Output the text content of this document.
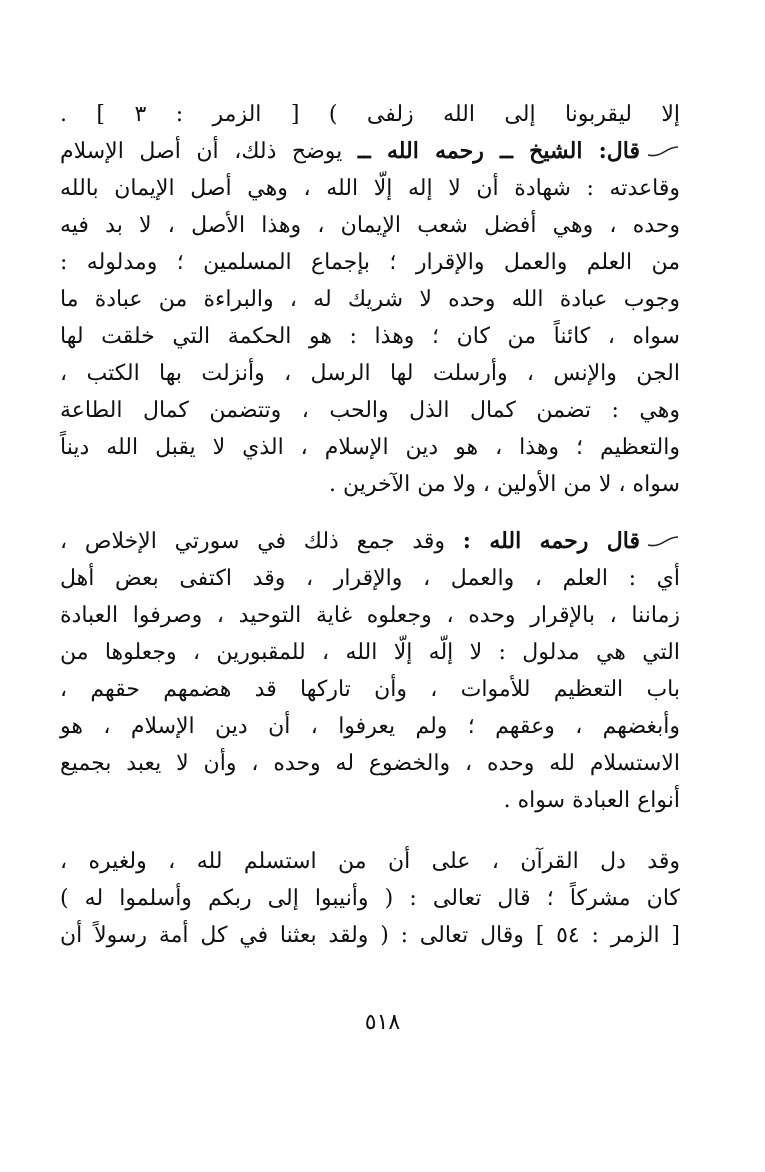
إلا ليقربونا إلى الله زلفى ) [ الزمر : ٣ ] .
قال: الشيخ ــ رحمه الله ــ يوضح ذلك، أن أصل الإسلام
وقاعدته : شهادة أن لا إله إلّا الله ، وهي أصل الإيمان بالله
وحده ، وهي أفضل شعب الإيمان ، وهذا الأصل ، لا بد فيه
من العلم والعمل والإقرار ؛ بإجماع المسلمين ؛ ومدلوله :
وجوب عبادة الله وحده لا شريك له ، والبراءة من عبادة ما
سواه ، كائناً من كان ؛ وهذا : هو الحكمة التي خلقت لها
الجن والإنس ، وأرسلت لها الرسل ، وأنزلت بها الكتب ،
وهي : تضمن كمال الذل والحب ، وتتضمن كمال الطاعة
والتعظيم ؛ وهذا ، هو دين الإسلام ، الذي لا يقبل الله ديناً
سواه ، لا من الأولين ، ولا من الآخرين .
قال رحمه الله : وقد جمع ذلك في سورتي الإخلاص ،
أي : العلم ، والعمل ، والإقرار ، وقد اكتفى بعض أهل
زماننا ، بالإقرار وحده ، وجعلوه غاية التوحيد ، وصرفوا العبادة
التي هي مدلول : لا إلّه إلّا الله ، للمقبورين ، وجعلوها من
باب التعظيم للأموات ، وأن تاركها قد هضمهم حقهم ،
وأبغضهم ، وعقهم ؛ ولم يعرفوا ، أن دين الإسلام ، هو
الاستسلام لله وحده ، والخضوع له وحده ، وأن لا يعبد بجميع
أنواع العبادة سواه .
وقد دل القرآن ، على أن من استسلم لله ، ولغيره ،
كان مشركاً ؛ قال تعالى : ( وأنيبوا إلى ربكم وأسلموا له )
[ الزمر : ٥٤ ] وقال تعالى : ( ولقد بعثنا في كل أمة رسولاً أن
٥١٨
